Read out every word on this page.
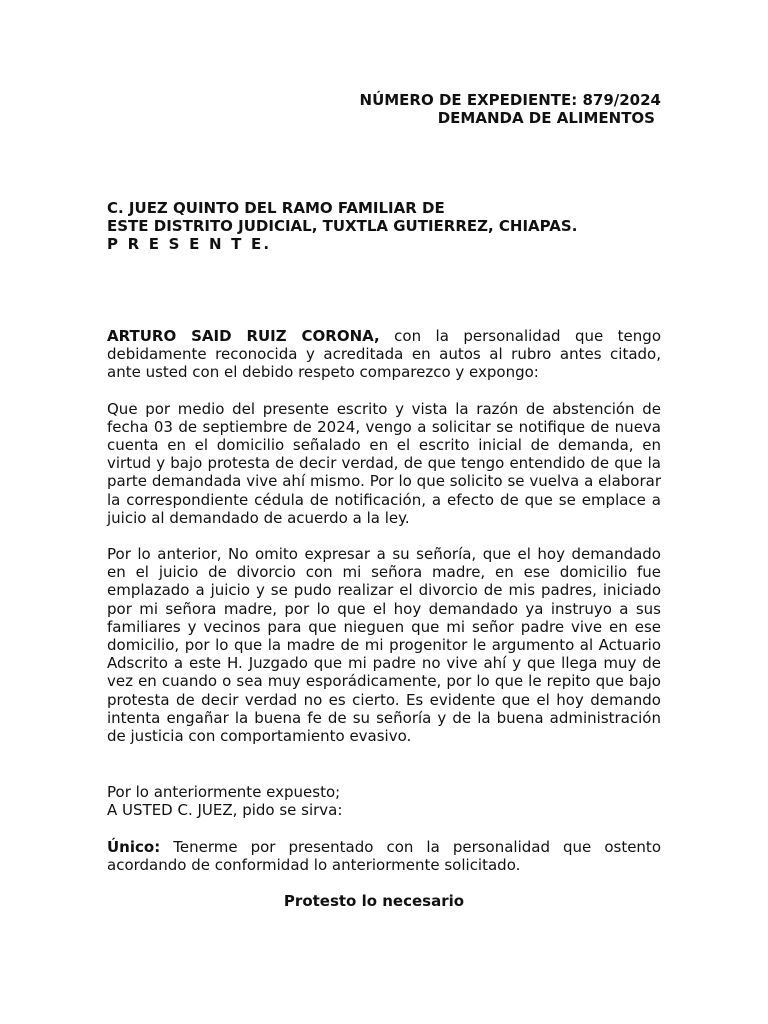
NÚMERO DE EXPEDIENTE: 879/2024
DEMANDA DE ALIMENTOS
C. JUEZ QUINTO DEL RAMO FAMILIAR DE
ESTE DISTRITO JUDICIAL, TUXTLA GUTIERREZ, CHIAPAS.
P R E S E N T E.

ARTURO SAID RUIZ CORONA, con la personalidad que tengo debidamente reconocida y acreditada en autos al rubro antes citado, ante usted con el debido respeto comparezco y expongo:

Que por medio del presente escrito y vista la razón de abstención de fecha 03 de septiembre de 2024, vengo a solicitar se notifique de nueva cuenta en el domicilio señalado en el escrito inicial de demanda, en virtud y bajo protesta de decir verdad, de que tengo entendido de que la parte demandada vive ahí mismo. Por lo que solicito se vuelva a elaborar la correspondiente cédula de notificación, a efecto de que se emplace a juicio al demandado de acuerdo a la ley.

Por lo anterior, No omito expresar a su señoría, que el hoy demandado en el juicio de divorcio con mi señora madre, en ese domicilio fue emplazado a juicio y se pudo realizar el divorcio de mis padres, iniciado por mi señora madre, por lo que el hoy demandado ya instruyo a sus familiares y vecinos para que nieguen que mi señor padre vive en ese domicilio, por lo que la madre de mi progenitor le argumento al Actuario Adscrito a este H. Juzgado que mi padre no vive ahí y que llega muy de vez en cuando o sea muy esporádicamente, por lo que le repito que bajo protesta de decir verdad no es cierto. Es evidente que el hoy demando intenta engañar la buena fe de su señoría y de la buena administración de justicia con comportamiento evasivo.

Por lo anteriormente expuesto;
A USTED C. JUEZ, pido se sirva:

Único: Tenerme por presentado con la personalidad que ostento acordando de conformidad lo anteriormente solicitado.

Protesto lo necesario
